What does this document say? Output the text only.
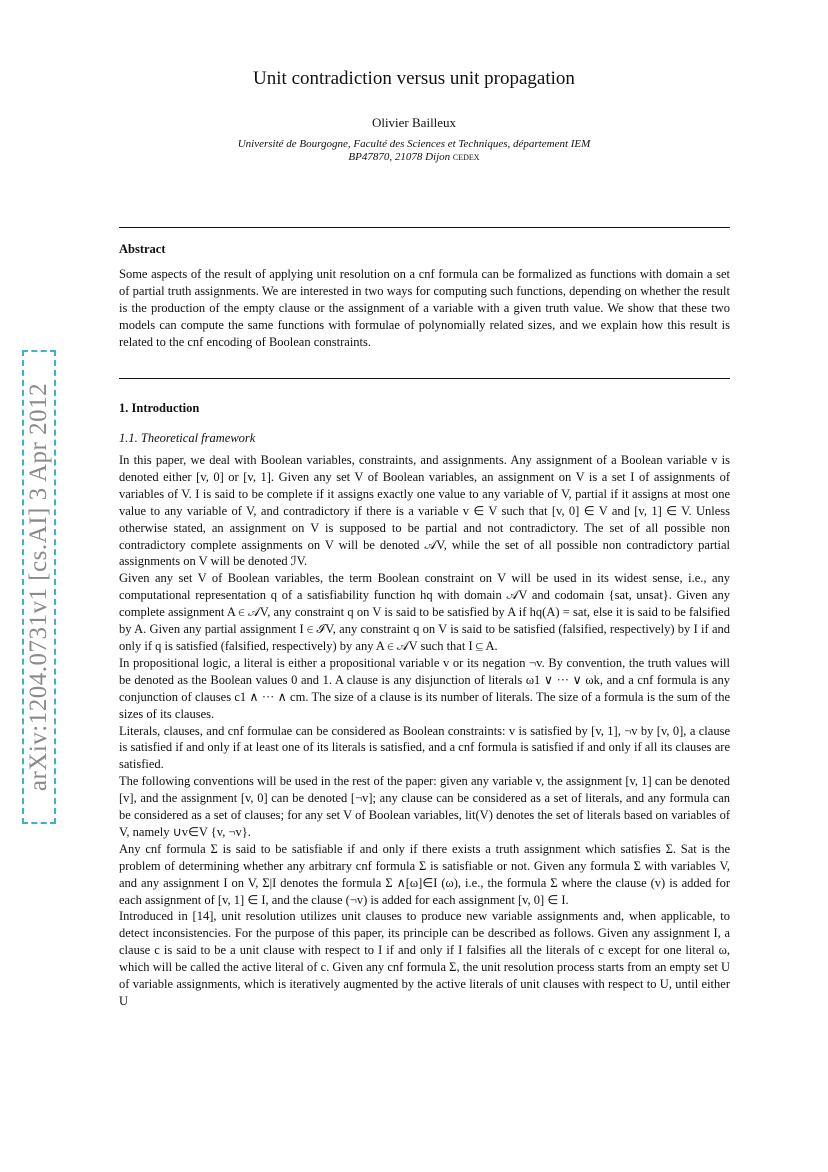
arXiv:1204.0731v1 [cs.AI] 3 Apr 2012
Unit contradiction versus unit propagation
Olivier Bailleux
Université de Bourgogne, Faculté des Sciences et Techniques, département IEM
BP47870, 21078 Dijon cedex
Abstract

Some aspects of the result of applying unit resolution on a cnf formula can be formalized as functions with domain a set of partial truth assignments. We are interested in two ways for computing such functions, depending on whether the result is the production of the empty clause or the assignment of a variable with a given truth value. We show that these two models can compute the same functions with formulae of polynomially related sizes, and we explain how this result is related to the cnf encoding of Boolean constraints.

1. Introduction
1.1. Theoretical framework

In this paper, we deal with Boolean variables, constraints, and assignments. Any assignment of a Boolean variable v is denoted either [v, 0] or [v, 1]. Given any set V of Boolean variables, an assignment on V is a set I of assignments of variables of V. I is said to be complete if it assigns exactly one value to any variable of V, partial if it assigns at most one value to any variable of V, and contradictory if there is a variable v ∈ V such that [v, 0] ∈ V and [v, 1] ∈ V. Unless otherwise stated, an assignment on V is supposed to be partial and not contradictory. The set of all possible non contradictory complete assignments on V will be denoted 𝒜V, while the set of all possible non contradictory partial assignments on V will be denoted ℐV.

Given any set V of Boolean variables, the term Boolean constraint on V will be used in its widest sense, i.e., any computational representation q of a satisfiability function hq with domain 𝒜V and codomain {sat, unsat}. Given any complete assignment A ∈ 𝒜V, any constraint q on V is said to be satisfied by A if hq(A) = sat, else it is said to be falsified by A. Given any partial assignment I ∈ ℐV, any constraint q on V is said to be satisfied (falsified, respectively) by I if and only if q is satisfied (falsified, respectively) by any A ∈ 𝒜V such that I ⊆ A.

In propositional logic, a literal is either a propositional variable v or its negation ¬v. By convention, the truth values will be denoted as the Boolean values 0 and 1. A clause is any disjunction of literals ω1 ∨ ··· ∨ ωk, and a cnf formula is any conjunction of clauses c1 ∧ ··· ∧ cm. The size of a clause is its number of literals. The size of a formula is the sum of the sizes of its clauses.

Literals, clauses, and cnf formulae can be considered as Boolean constraints: v is satisfied by [v, 1], ¬v by [v, 0], a clause is satisfied if and only if at least one of its literals is satisfied, and a cnf formula is satisfied if and only if all its clauses are satisfied.

The following conventions will be used in the rest of the paper: given any variable v, the assignment [v, 1] can be denoted [v], and the assignment [v, 0] can be denoted [¬v]; any clause can be considered as a set of literals, and any formula can be considered as a set of clauses; for any set V of Boolean variables, lit(V) denotes the set of literals based on variables of V, namely ∪v∈V {v, ¬v}.

Any cnf formula Σ is said to be satisfiable if and only if there exists a truth assignment which satisfies Σ. Sat is the problem of determining whether any arbitrary cnf formula Σ is satisfiable or not. Given any formula Σ with variables V, and any assignment I on V, Σ|I denotes the formula Σ ∧[ω]∈I (ω), i.e., the formula Σ where the clause (v) is added for each assignment of [v, 1] ∈ I, and the clause (¬v) is added for each assignment [v, 0] ∈ I.

Introduced in [14], unit resolution utilizes unit clauses to produce new variable assignments and, when applicable, to detect inconsistencies. For the purpose of this paper, its principle can be described as follows. Given any assignment I, a clause c is said to be a unit clause with respect to I if and only if I falsifies all the literals of c except for one literal ω, which will be called the active literal of c. Given any cnf formula Σ, the unit resolution process starts from an empty set U of variable assignments, which is iteratively augmented by the active literals of unit clauses with respect to U, until either U
